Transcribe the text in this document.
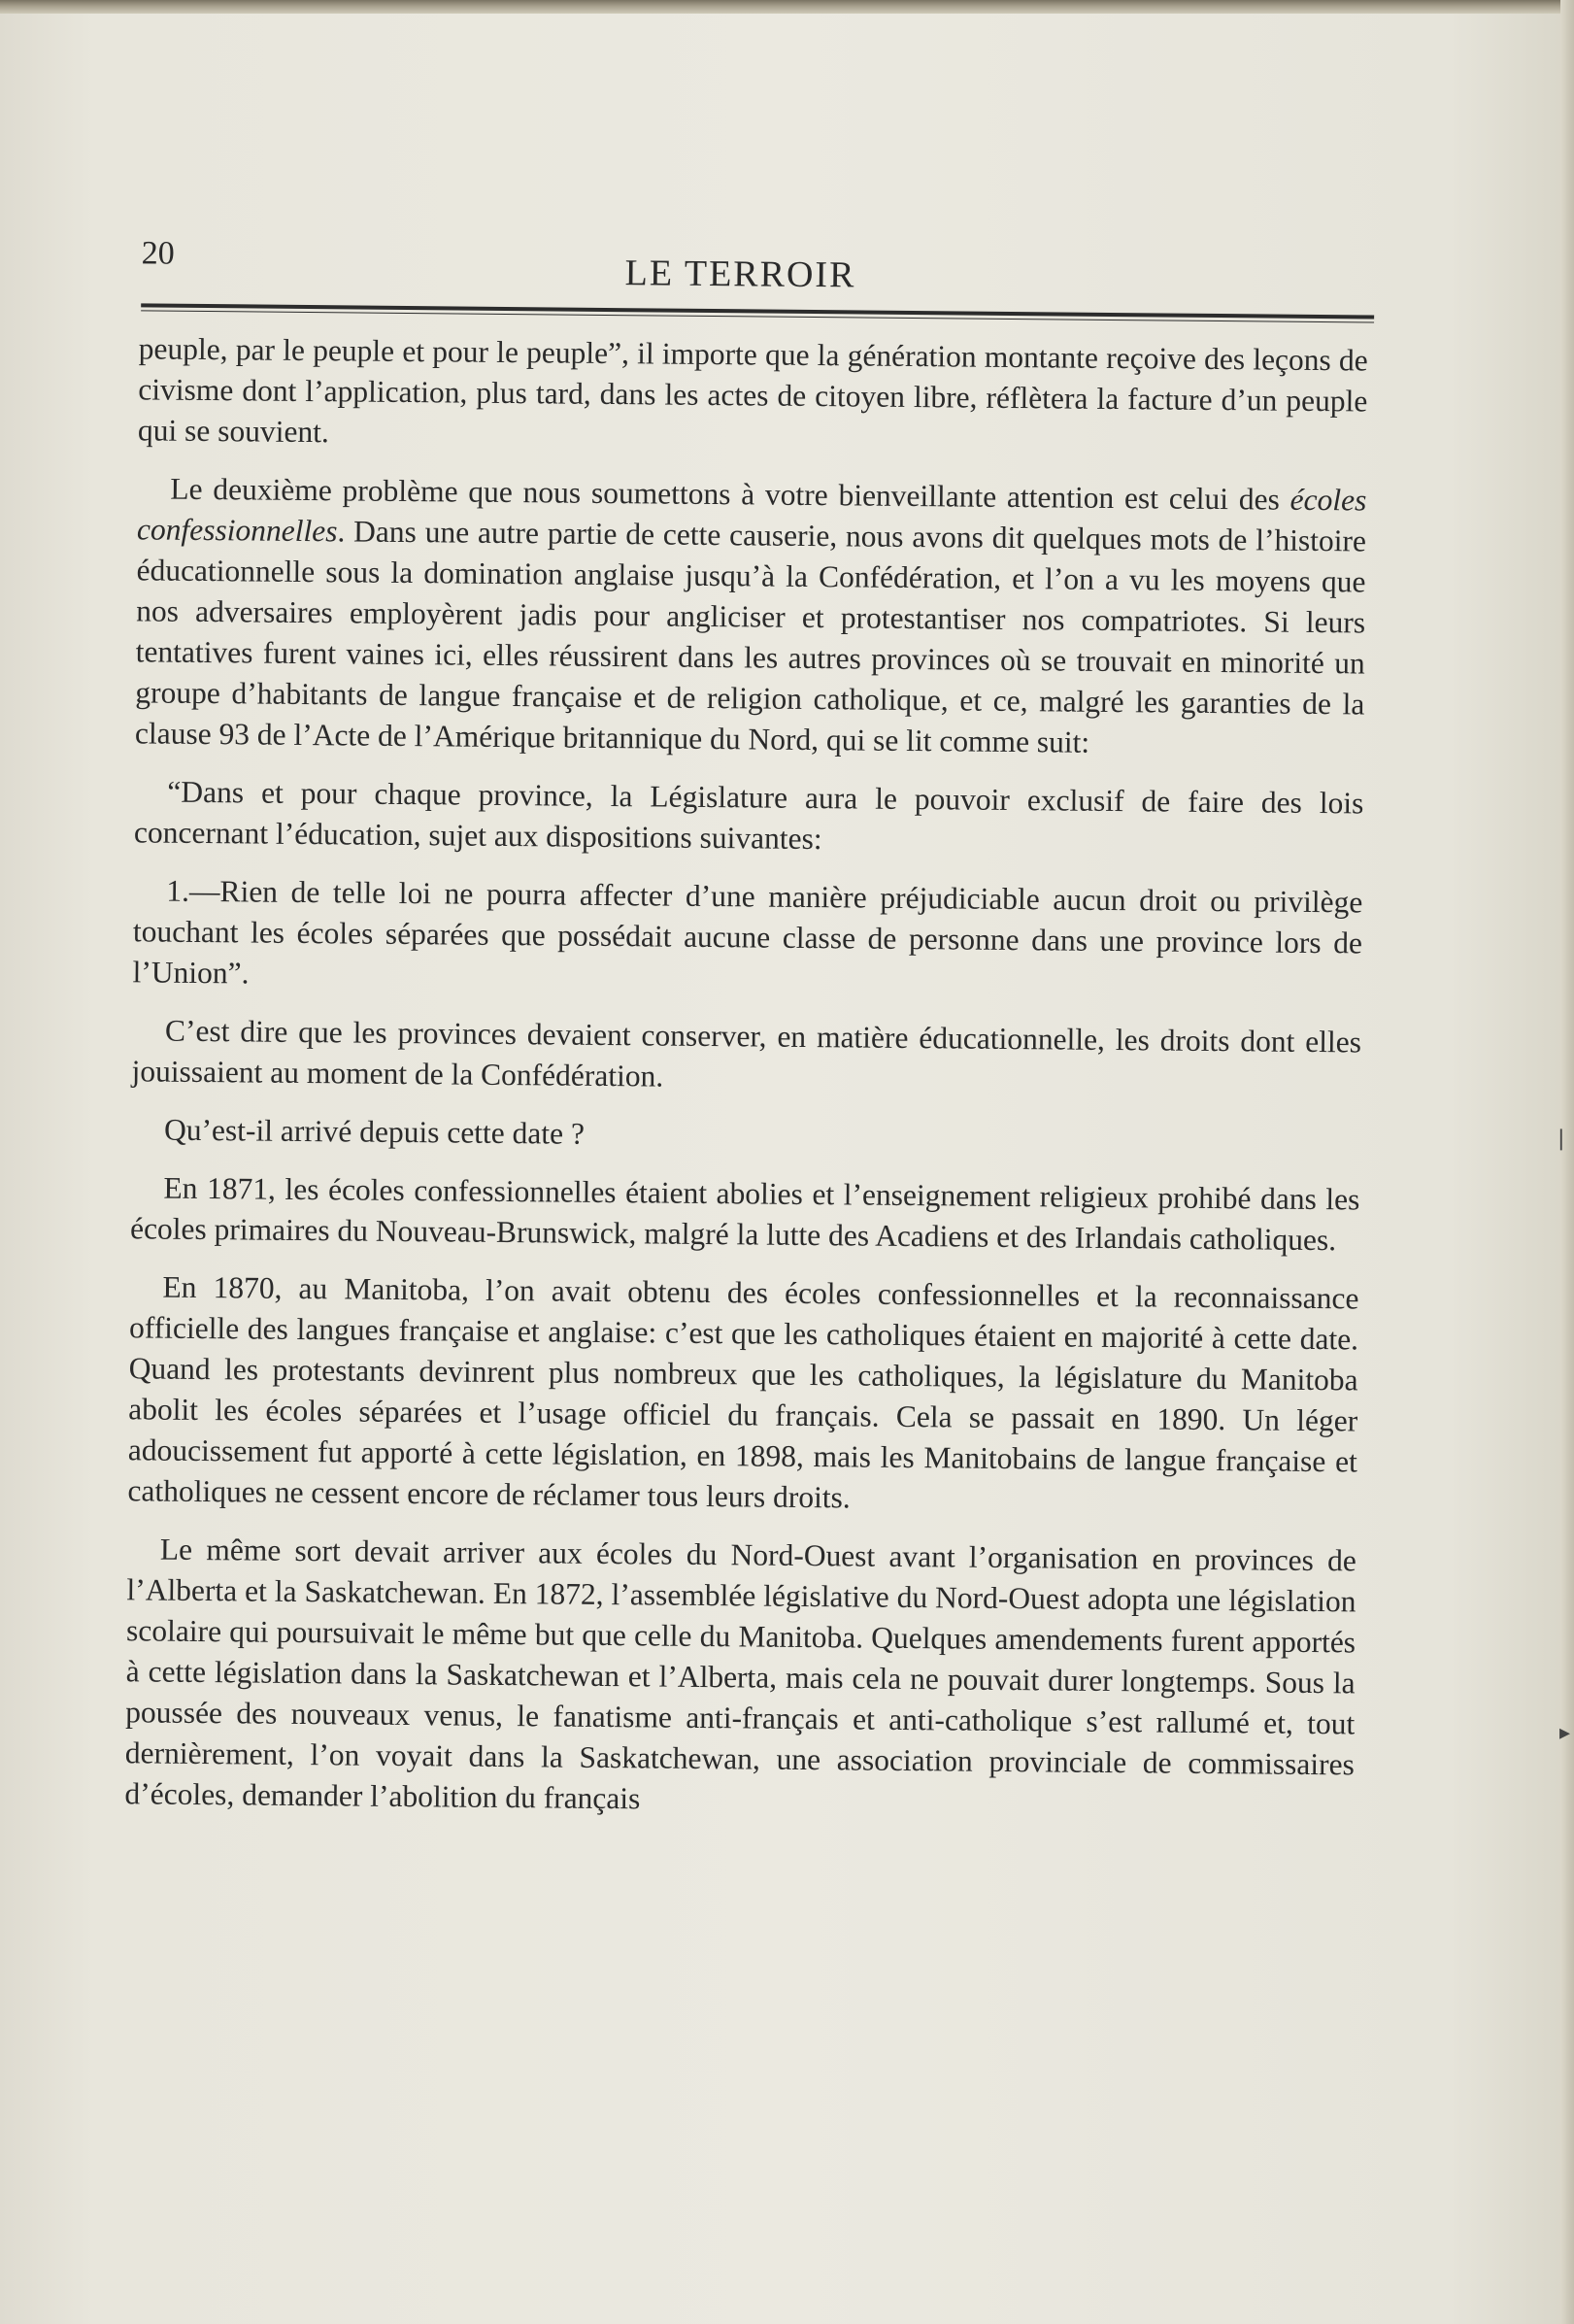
❘
▸
20	LE TERROIR

peuple, par le peuple et pour le peuple”, il importe que la génération montante reçoive des leçons de civisme dont l’application, plus tard, dans les actes de citoyen libre, réflètera la facture d’un peuple qui se souvient.

Le deuxième problème que nous soumettons à votre bienveillante attention est celui des écoles confessionnelles. Dans une autre partie de cette causerie, nous avons dit quelques mots de l’histoire éducationnelle sous la domination anglaise jusqu’à la Confédération, et l’on a vu les moyens que nos adversaires employèrent jadis pour angliciser et protestantiser nos compatriotes. Si leurs tentatives furent vaines ici, elles réussirent dans les autres provinces où se trouvait en minorité un groupe d’habitants de langue française et de religion catholique, et ce, malgré les garanties de la clause 93 de l’Acte de l’Amérique britannique du Nord, qui se lit comme suit:

“Dans et pour chaque province, la Législature aura le pouvoir exclusif de faire des lois concernant l’éducation, sujet aux dispositions suivantes:

1.—Rien de telle loi ne pourra affecter d’une manière préjudiciable aucun droit ou privilège touchant les écoles séparées que possédait aucune classe de personne dans une province lors de l’Union”.

C’est dire que les provinces devaient conserver, en matière éducationnelle, les droits dont elles jouissaient au moment de la Confédération.

Qu’est-il arrivé depuis cette date ?

En 1871, les écoles confessionnelles étaient abolies et l’enseignement religieux prohibé dans les écoles primaires du Nouveau-Brunswick, malgré la lutte des Acadiens et des Irlandais catholiques.

En 1870, au Manitoba, l’on avait obtenu des écoles confessionnelles et la reconnaissance officielle des langues française et anglaise: c’est que les catholiques étaient en majorité à cette date. Quand les protestants devinrent plus nombreux que les catholiques, la législature du Manitoba abolit les écoles séparées et l’usage officiel du français. Cela se passait en 1890. Un léger adoucissement fut apporté à cette législation, en 1898, mais les Manitobains de langue française et catholiques ne cessent encore de réclamer tous leurs droits.

Le même sort devait arriver aux écoles du Nord-Ouest avant l’organisation en provinces de l’Alberta et la Saskatchewan. En 1872, l’assemblée législative du Nord-Ouest adopta une législation scolaire qui poursuivait le même but que celle du Manitoba. Quelques amendements furent apportés à cette législation dans la Saskatchewan et l’Alberta, mais cela ne pouvait durer longtemps. Sous la poussée des nouveaux venus, le fanatisme anti-français et anti-catholique s’est rallumé et, tout dernièrement, l’on voyait dans la Saskatchewan, une association provinciale de commissaires d’écoles, demander l’abolition du français
